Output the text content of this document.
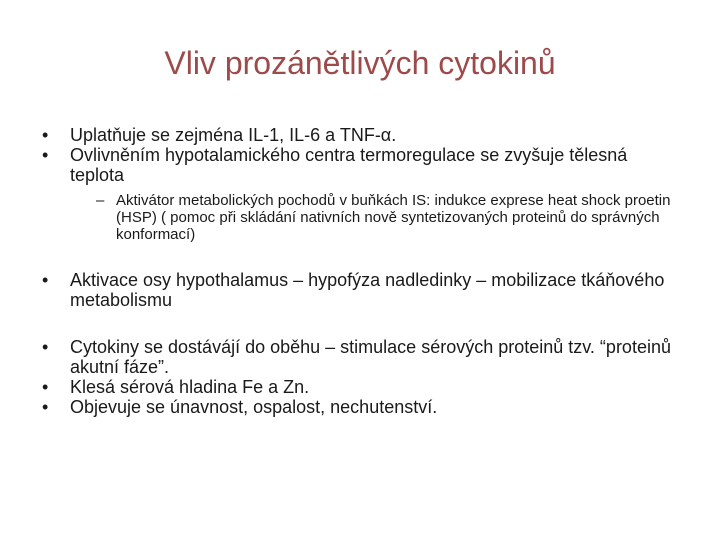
Vliv prozánětlivých cytokinů
•	Uplatňuje se zejména IL-1, IL-6 a TNF-α.
•	Ovlivněním hypotalamického centra termoregulace se zvyšuje tělesná teplota
– Aktivátor metabolických pochodů v buňkách IS: indukce exprese heat shock proetin (HSP) ( pomoc při skládání nativních nově syntetizovaných proteinů do správných konformací)
•	Aktivace osy hypothalamus – hypofýza nadledinky – mobilizace tkáňového metabolismu
•	Cytokiny se dostávájí do oběhu – stimulace sérových proteinů tzv. “proteinů akutní fáze”.
•	Klesá sérová hladina Fe a Zn.
•	Objevuje se únavnost, ospalost, nechutenství.
